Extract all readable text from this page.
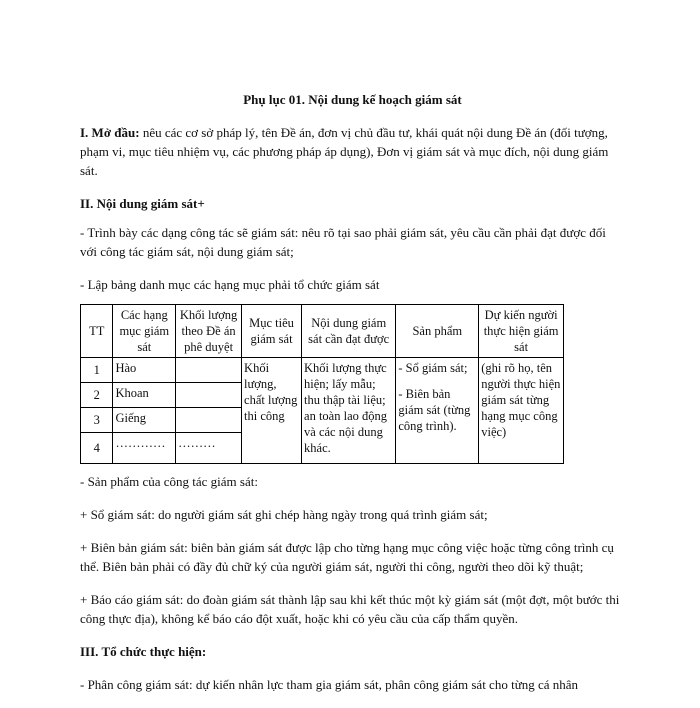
Phụ lục 01. Nội dung kế hoạch giám sát

I. Mở đầu: nêu các cơ sở pháp lý, tên Đề án, đơn vị chủ đầu tư, khái quát nội dung Đề án (đối tượng, phạm vi, mục tiêu nhiệm vụ, các phương pháp áp dụng), Đơn vị giám sát và mục đích, nội dung giám sát.

II. Nội dung giám sát+

- Trình bày các dạng công tác sẽ giám sát: nêu rõ tại sao phải giám sát, yêu cầu cần phải đạt được đối với công tác giám sát, nội dung giám sát;

- Lập bảng danh mục các hạng mục phải tổ chức giám sát

TT	Các hạng mục giám sát	Khối lượng theo Đề án phê duyệt	Mục tiêu giám sát	Nội dung giám sát cần đạt được	Sản phẩm	Dự kiến người thực hiện giám sát
1	Hào		Khối lượng, chất lượng thi công	Khối lượng thực hiện; lấy mẫu; thu thập tài liệu; an toàn lao động và các nội dung khác.	- Sổ giám sát;
- Biên bản giám sát (từng công trình).	(ghi rõ họ, tên người thực hiện giám sát từng hạng mục công việc)
2	Khoan					
3	Giếng					
4	…………	………				

- Sản phẩm của công tác giám sát:

+ Sổ giám sát: do người giám sát ghi chép hàng ngày trong quá trình giám sát;

+ Biên bản giám sát: biên bản giám sát được lập cho từng hạng mục công việc hoặc từng công trình cụ thể. Biên bản phải có đầy đủ chữ ký của người giám sát, người thi công, người theo dõi kỹ thuật;

+ Báo cáo giám sát: do đoàn giám sát thành lập sau khi kết thúc một kỳ giám sát (một đợt, một bước thi công thực địa), không kể báo cáo đột xuất, hoặc khi có yêu cầu của cấp thẩm quyền.

III. Tổ chức thực hiện:

- Phân công giám sát: dự kiến nhân lực tham gia giám sát, phân công giám sát cho từng cá nhân
